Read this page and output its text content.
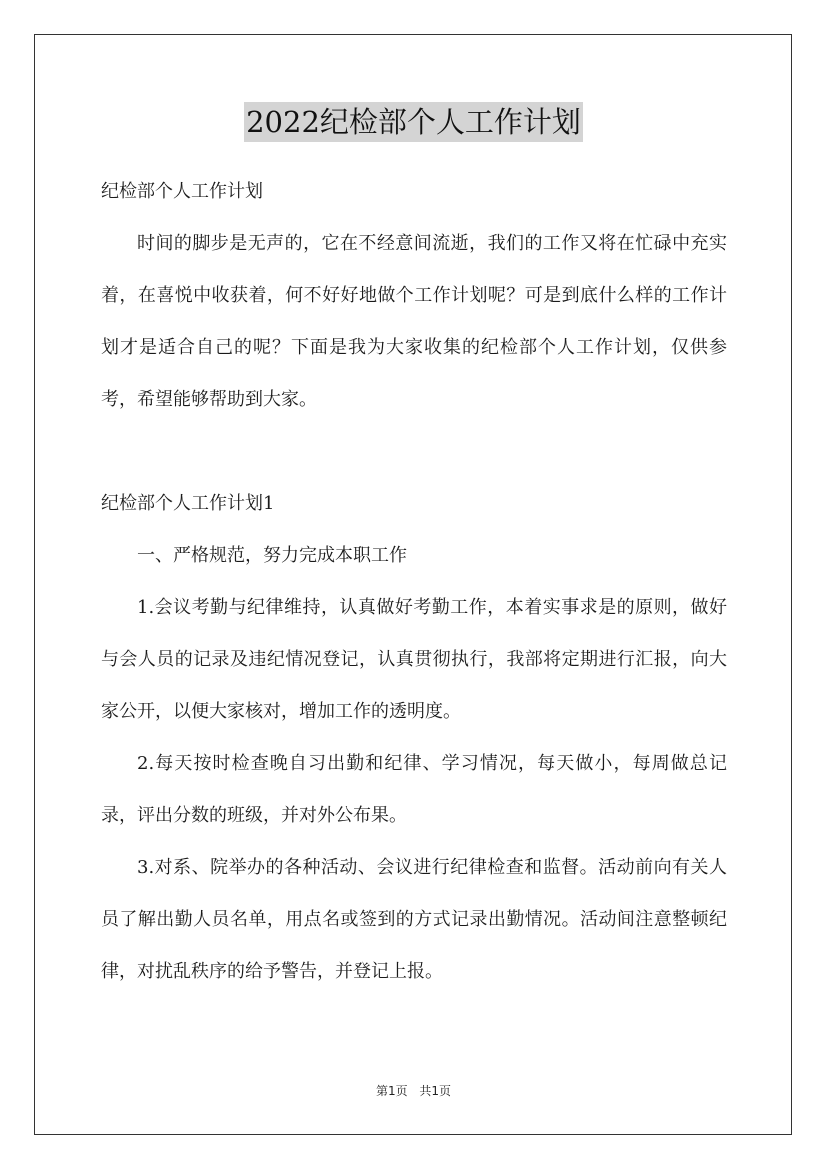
2022纪检部个人工作计划

纪检部个人工作计划

时间的脚步是无声的，它在不经意间流逝，我们的工作又将在忙碌中充实着，在喜悦中收获着，何不好好地做个工作计划呢？可是到底什么样的工作计划才是适合自己的呢？下面是我为大家收集的纪检部个人工作计划，仅供参考，希望能够帮助到大家。

纪检部个人工作计划1

一、严格规范，努力完成本职工作

1.会议考勤与纪律维持，认真做好考勤工作，本着实事求是的原则，做好与会人员的记录及违纪情况登记，认真贯彻执行，我部将定期进行汇报，向大家公开，以便大家核对，增加工作的透明度。

2.每天按时检查晚自习出勤和纪律、学习情况，每天做小，每周做总记录，评出分数的班级，并对外公布果。

3.对系、院举办的各种活动、会议进行纪律检查和监督。活动前向有关人员了解出勤人员名单，用点名或签到的方式记录出勤情况。活动间注意整顿纪律，对扰乱秩序的给予警告，并登记上报。

第1页 共1页
